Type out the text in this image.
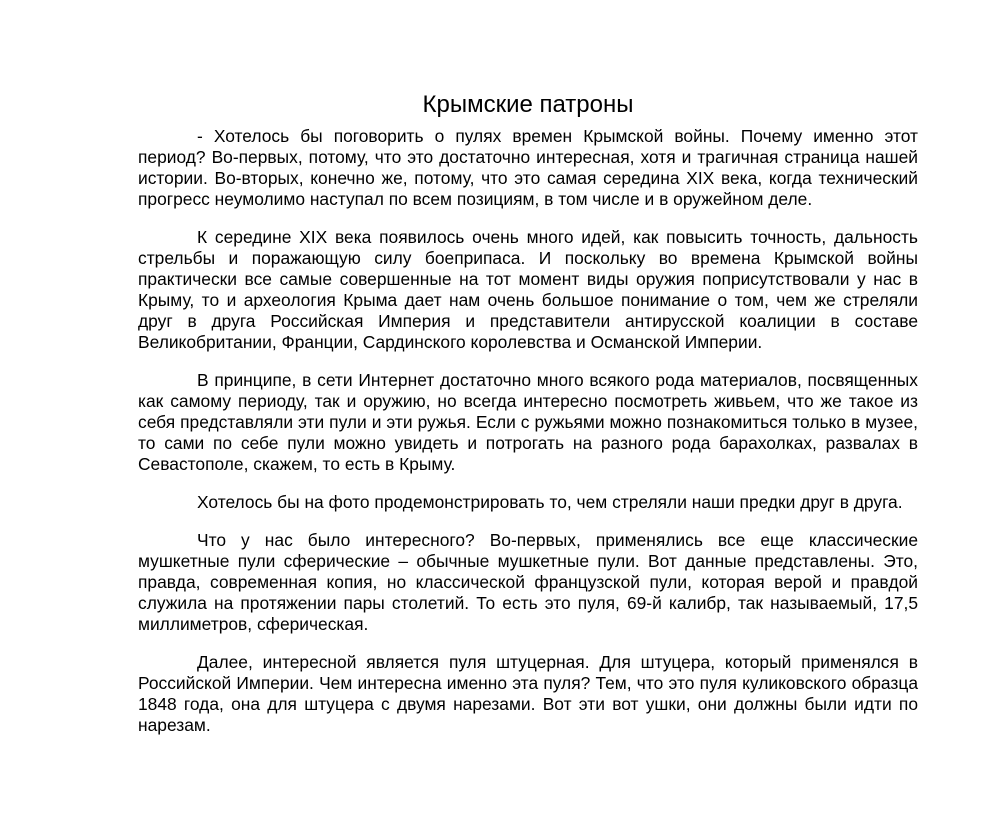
Крымские патроны

- Хотелось бы поговорить о пулях времен Крымской войны. Почему именно этот период? Во-первых, потому, что это достаточно интересная, хотя и трагичная страница нашей истории. Во-вторых, конечно же, потому, что это самая середина XIX века, когда технический прогресс неумолимо наступал по всем позициям, в том числе и в оружейном деле.

К середине XIX века появилось очень много идей, как повысить точность, дальность стрельбы и поражающую силу боеприпаса. И поскольку во времена Крымской войны практически все самые совершенные на тот момент виды оружия поприсутствовали у нас в Крыму, то и археология Крыма дает нам очень большое понимание о том, чем же стреляли друг в друга Российская Империя и представители антирусской коалиции в составе Великобритании, Франции, Сардинского королевства и Османской Империи.

В принципе, в сети Интернет достаточно много всякого рода материалов, посвященных как самому периоду, так и оружию, но всегда интересно посмотреть живьем, что же такое из себя представляли эти пули и эти ружья. Если с ружьями можно познакомиться только в музее, то сами по себе пули можно увидеть и потрогать на разного рода барахолках, развалах в Севастополе, скажем, то есть в Крыму.

Хотелось бы на фото продемонстрировать то, чем стреляли наши предки друг в друга.

Что у нас было интересного? Во-первых, применялись все еще классические мушкетные пули сферические – обычные мушкетные пули. Вот данные представлены. Это, правда, современная копия, но классической французской пули, которая верой и правдой служила на протяжении пары столетий. То есть это пуля, 69-й калибр, так называемый, 17,5 миллиметров, сферическая.

Далее, интересной является пуля штуцерная. Для штуцера, который применялся в Российской Империи. Чем интересна именно эта пуля? Тем, что это пуля куликовского образца 1848 года, она для штуцера с двумя нарезами. Вот эти вот ушки, они должны были идти по нарезам.
